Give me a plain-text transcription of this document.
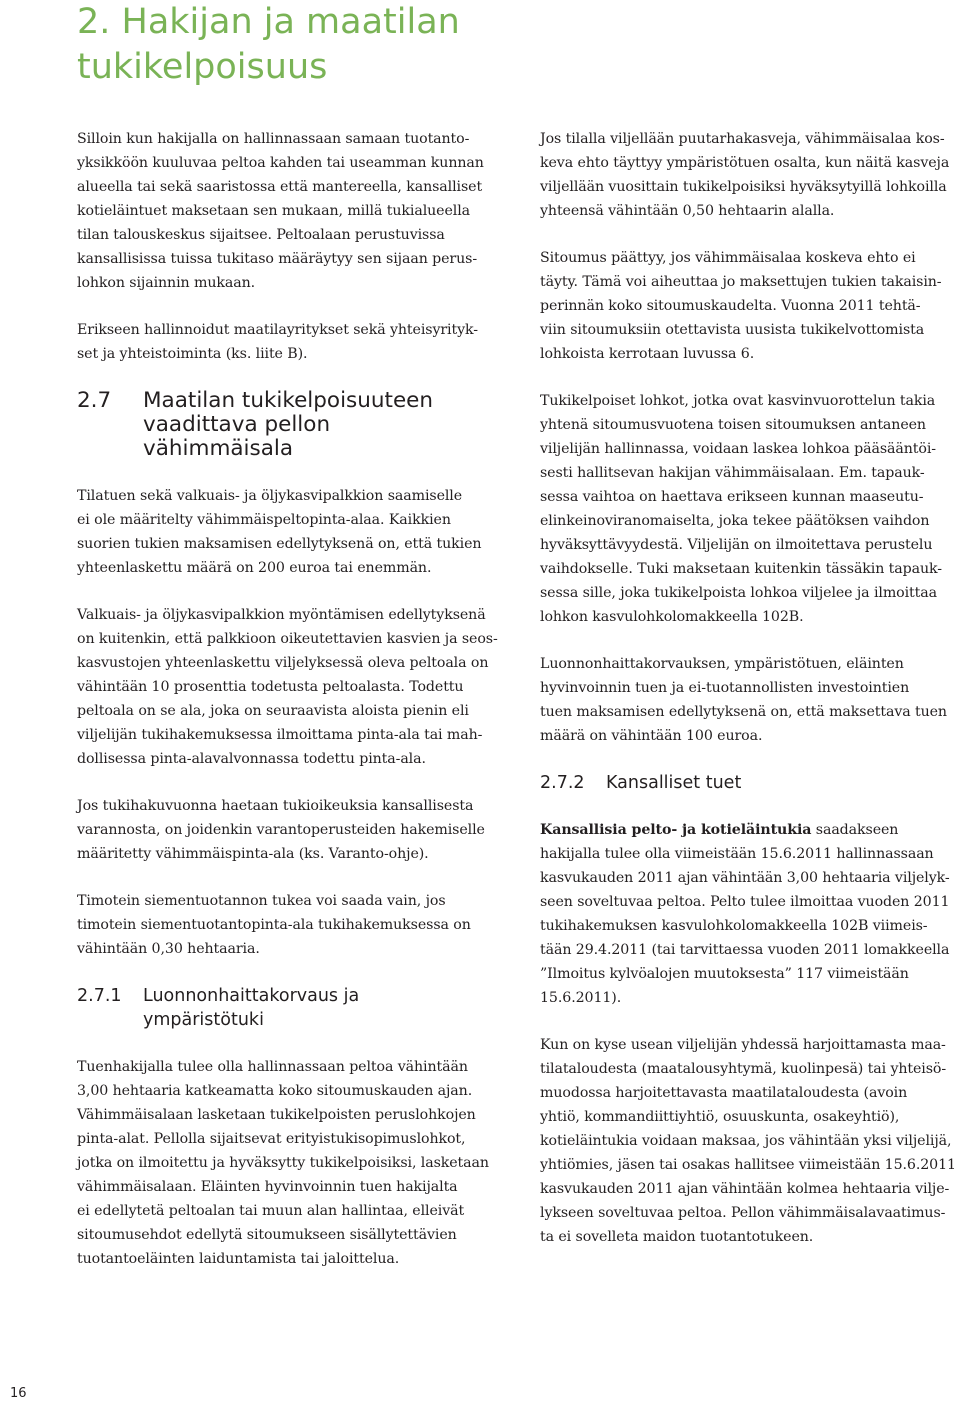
2. Hakijan ja maatilan
tukikelpoisuus

Silloin kun hakijalla on hallinnassaan samaan tuotanto-
yksikköön kuuluvaa peltoa kahden tai useamman kunnan
alueella tai sekä saaristossa että mantereella, kansalliset
kotieläintuet maksetaan sen mukaan, millä tukialueella
tilan talouskeskus sijaitsee. Peltoalaan perustuvissa
kansallisissa tuissa tukitaso määräytyy sen sijaan perus-
lohkon sijainnin mukaan.

Erikseen hallinnoidut maatilayritykset sekä yhteisyrityk-
set ja yhteistoiminta (ks. liite B).

2.7	Maatilan tukikelpoisuuteen
vaadittava pellon
vähimmäisala

Tilatuen sekä valkuais- ja öljykasvipalkkion saamiselle
ei ole määritelty vähimmäispeltopinta-alaa. Kaikkien
suorien tukien maksamisen edellytyksenä on, että tukien
yhteenlaskettu määrä on 200 euroa tai enemmän.

Valkuais- ja öljykasvipalkkion myöntämisen edellytyksenä
on kuitenkin, että palkkioon oikeutettavien kasvien ja seos-
kasvustojen yhteenlaskettu viljelyksessä oleva peltoala on
vähintään 10 prosenttia todetusta peltoalasta. Todettu
peltoala on se ala, joka on seuraavista aloista pienin eli
viljelijän tukihakemuksessa ilmoittama pinta-ala tai mah-
dollisessa pinta-alavalvonnassa todettu pinta-ala.

Jos tukihakuvuonna haetaan tukioikeuksia kansallisesta
varannosta, on joidenkin varantoperusteiden hakemiselle
määritetty vähimmäispinta-ala (ks. Varanto-ohje).

Timotein siementuotannon tukea voi saada vain, jos
timotein siementuotantopinta-ala tukihakemuksessa on
vähintään 0,30 hehtaaria.

2.7.1	Luonnonhaittakorvaus ja
ympäristötuki

Tuenhakijalla tulee olla hallinnassaan peltoa vähintään
3,00 hehtaaria katkeamatta koko sitoumuskauden ajan.
Vähimmäisalaan lasketaan tukikelpoisten peruslohkojen
pinta-alat. Pellolla sijaitsevat erityistukisopimuslohkot,
jotka on ilmoitettu ja hyväksytty tukikelpoisiksi, lasketaan
vähimmäisalaan. Eläinten hyvinvoinnin tuen hakijalta
ei edellytetä peltoalan tai muun alan hallintaa, elleivät
sitoumusehdot edellytä sitoumukseen sisällytettävien
tuotantoeläinten laiduntamista tai jaloittelua.

Jos tilalla viljellään puutarhakasveja, vähimmäisalaa kos-
keva ehto täyttyy ympäristötuen osalta, kun näitä kasveja
viljellään vuosittain tukikelpoisiksi hyväksytyillä lohkoilla
yhteensä vähintään 0,50 hehtaarin alalla.

Sitoumus päättyy, jos vähimmäisalaa koskeva ehto ei
täyty. Tämä voi aiheuttaa jo maksettujen tukien takaisin-
perinnän koko sitoumuskaudelta. Vuonna 2011 tehtä-
viin sitoumuksiin otettavista uusista tukikelvottomista
lohkoista kerrotaan luvussa 6.

Tukikelpoiset lohkot, jotka ovat kasvinvuorottelun takia
yhtenä sitoumusvuotena toisen sitoumuksen antaneen
viljelijän hallinnassa, voidaan laskea lohkoa pääsääntöi-
sesti hallitsevan hakijan vähimmäisalaan. Em. tapauk-
sessa vaihtoa on haettava erikseen kunnan maaseutu-
elinkeinoviranomaiselta, joka tekee päätöksen vaihdon
hyväksyttävyydestä. Viljelijän on ilmoitettava perustelu
vaihdokselle. Tuki maksetaan kuitenkin tässäkin tapauk-
sessa sille, joka tukikelpoista lohkoa viljelee ja ilmoittaa
lohkon kasvulohkolomakkeella 102B.

Luonnonhaittakorvauksen, ympäristötuen, eläinten
hyvinvoinnin tuen ja ei-tuotannollisten investointien
tuen maksamisen edellytyksenä on, että maksettava tuen
määrä on vähintään 100 euroa.

2.7.2	Kansalliset tuet

Kansallisia pelto- ja kotieläintukia saadakseen
hakijalla tulee olla viimeistään 15.6.2011 hallinnassaan
kasvukauden 2011 ajan vähintään 3,00 hehtaaria viljelyk-
seen soveltuvaa peltoa. Pelto tulee ilmoittaa vuoden 2011
tukihakemuksen kasvulohkolomakkeella 102B viimeis-
tään 29.4.2011 (tai tarvittaessa vuoden 2011 lomakkeella
”Ilmoitus kylvöalojen muutoksesta” 117 viimeistään
15.6.2011).

Kun on kyse usean viljelijän yhdessä harjoittamasta maa-
tilataloudesta (maatalousyhtymä, kuolinpesä) tai yhteisö-
muodossa harjoitettavasta maatilataloudesta (avoin
yhtiö, kommandiittiyhtiö, osuuskunta, osakeyhtiö),
kotieläintukia voidaan maksaa, jos vähintään yksi viljelijä,
yhtiömies, jäsen tai osakas hallitsee viimeistään 15.6.2011
kasvukauden 2011 ajan vähintään kolmea hehtaaria vilje-
lykseen soveltuvaa peltoa. Pellon vähimmäisalavaatimus-
ta ei sovelleta maidon tuotantotukeen.

16
